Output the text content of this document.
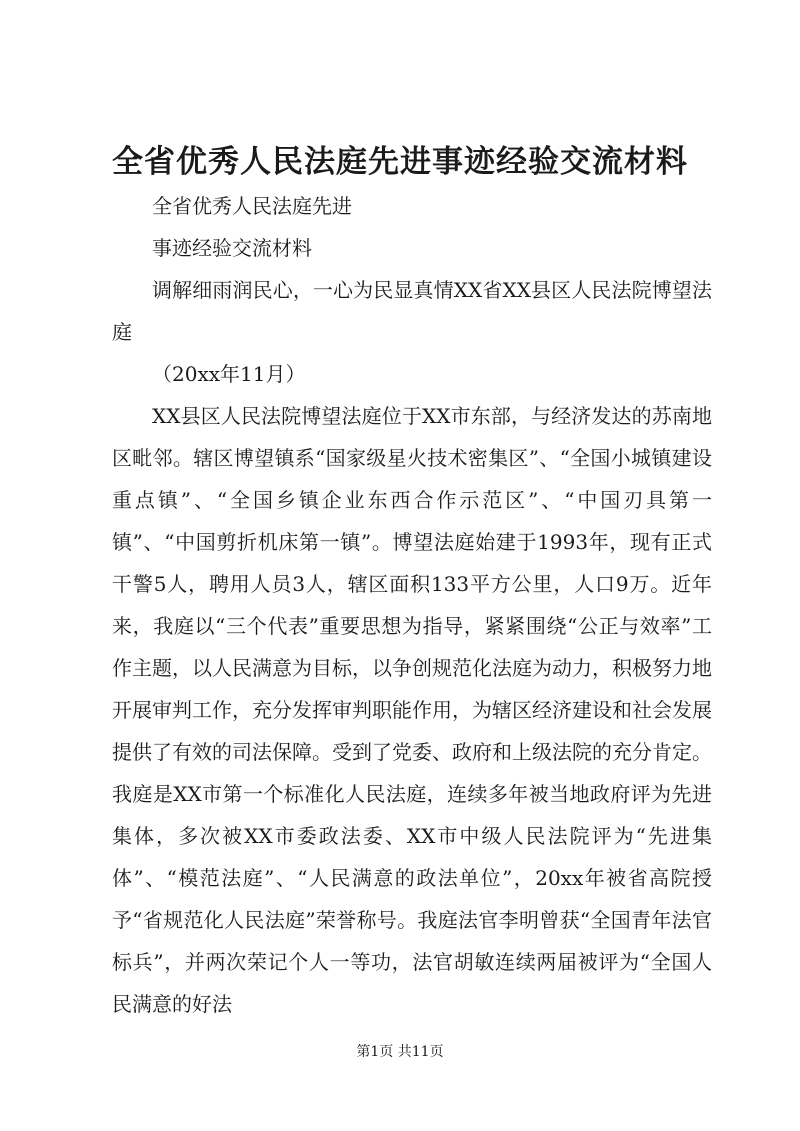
全省优秀人民法庭先进事迹经验交流材料

全省优秀人民法庭先进

事迹经验交流材料

调解细雨润民心，一心为民显真情XX省XX县区人民法院博望法庭

（20xx年11月）

XX县区人民法院博望法庭位于XX市东部，与经济发达的苏南地区毗邻。辖区博望镇系“国家级星火技术密集区”、“全国小城镇建设重点镇”、“全国乡镇企业东西合作示范区”、“中国刃具第一镇”、“中国剪折机床第一镇”。博望法庭始建于1993年，现有正式干警5人，聘用人员3人，辖区面积133平方公里，人口9万。近年来，我庭以“三个代表”重要思想为指导，紧紧围绕“公正与效率”工作主题，以人民满意为目标，以争创规范化法庭为动力，积极努力地开展审判工作，充分发挥审判职能作用，为辖区经济建设和社会发展提供了有效的司法保障。受到了党委、政府和上级法院的充分肯定。我庭是XX市第一个标准化人民法庭，连续多年被当地政府评为先进集体，多次被XX市委政法委、XX市中级人民法院评为“先进集体”、“模范法庭”、“人民满意的政法单位”，20xx年被省高院授予“省规范化人民法庭”荣誉称号。我庭法官李明曾获“全国青年法官标兵”，并两次荣记个人一等功，法官胡敏连续两届被评为“全国人民满意的好法

第1页 共11页
